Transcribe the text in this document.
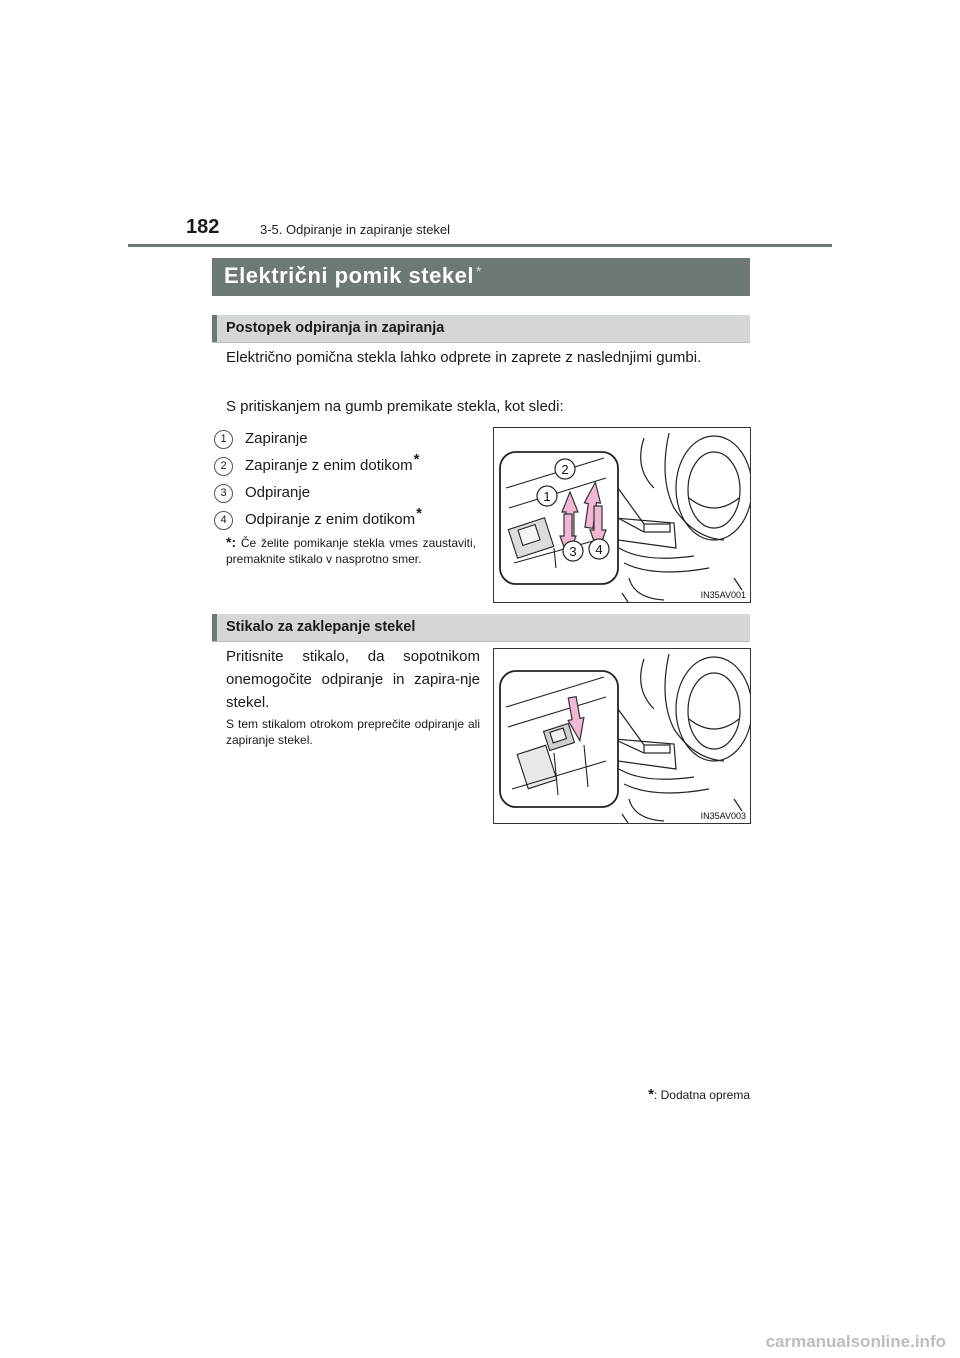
182	3-5. Odpiranje in zapiranje stekel
Električni pomik stekel *
Postopek odpiranja in zapiranja
Električno pomična stekla lahko odprete in zaprete z naslednjimi gumbi.
S pritiskanjem na gumb premikate stekla, kot sledi:
1 Zapiranje
2 Zapiranje z enim dotikom*
3 Odpiranje
4 Odpiranje z enim dotikom*
*: Če želite pomikanje stekla vmes zaustaviti, premaknite stikalo v nasprotno smer.
1
2
3 4
IN35AV001
Stikalo za zaklepanje stekel
Pritisnite stikalo, da sopotnikom onemogočite odpiranje in zapira-nje stekel.
S tem stikalom otrokom preprečite odpiranje ali zapiranje stekel.
IN35AV003
*: Dodatna oprema
carmanualsonline.info
